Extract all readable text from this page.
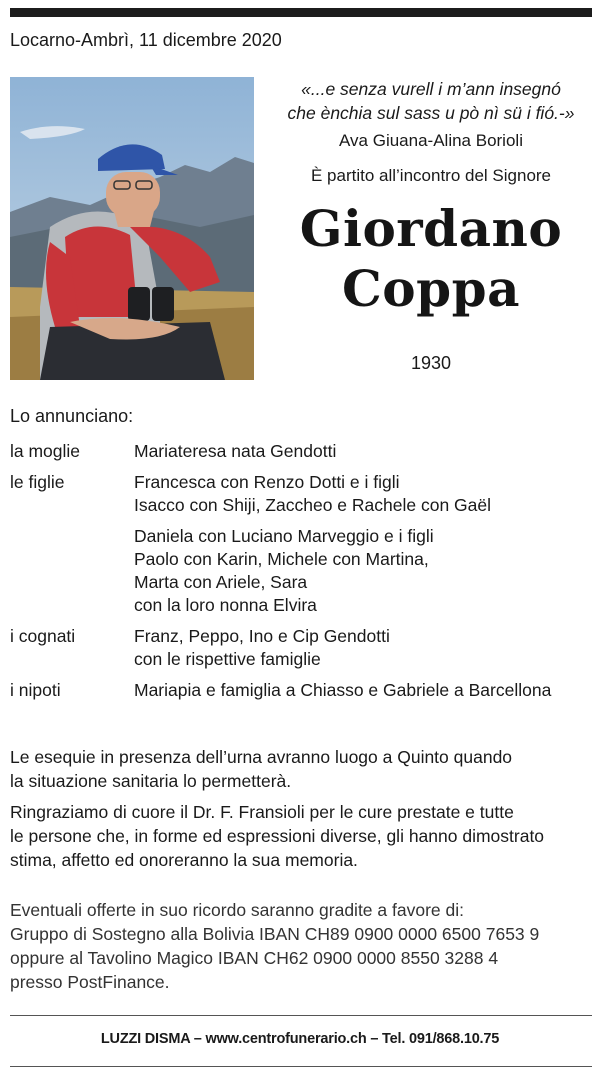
Locarno-Ambrì, 11 dicembre 2020
«...e senza vurell i m’ann insegnó
che ènchia sul sass u pò nì sü i fió.-»
Ava Giuana-Alina Borioli
È partito all’incontro del Signore
Giordano
Coppa
1930
Lo annunciano:
la moglie	Mariateresa nata Gendotti
le figlie	Francesca con Renzo Dotti e i figli
Isacco con Shiji, Zaccheo e Rachele con Gaël
Daniela con Luciano Marveggio e i figli
Paolo con Karin, Michele con Martina,
Marta con Ariele, Sara
con la loro nonna Elvira
i cognati	Franz, Peppo, Ino e Cip Gendotti
con le rispettive famiglie
i nipoti	Mariapia e famiglia a Chiasso e Gabriele a Barcellona
Le esequie in presenza dell’urna avranno luogo a Quinto quando
la situazione sanitaria lo permetterà.
Ringraziamo di cuore il Dr. F. Fransioli per le cure prestate e tutte
le persone che, in forme ed espressioni diverse, gli hanno dimostrato
stima, affetto ed onoreranno la sua memoria.
Eventuali offerte in suo ricordo saranno gradite a favore di:
Gruppo di Sostegno alla Bolivia IBAN CH89 0900 0000 6500 7653 9
oppure al Tavolino Magico IBAN CH62 0900 0000 8550 3288 4
presso PostFinance.
LUZZI DISMA – www.centrofunerario.ch – Tel. 091/868.10.75
